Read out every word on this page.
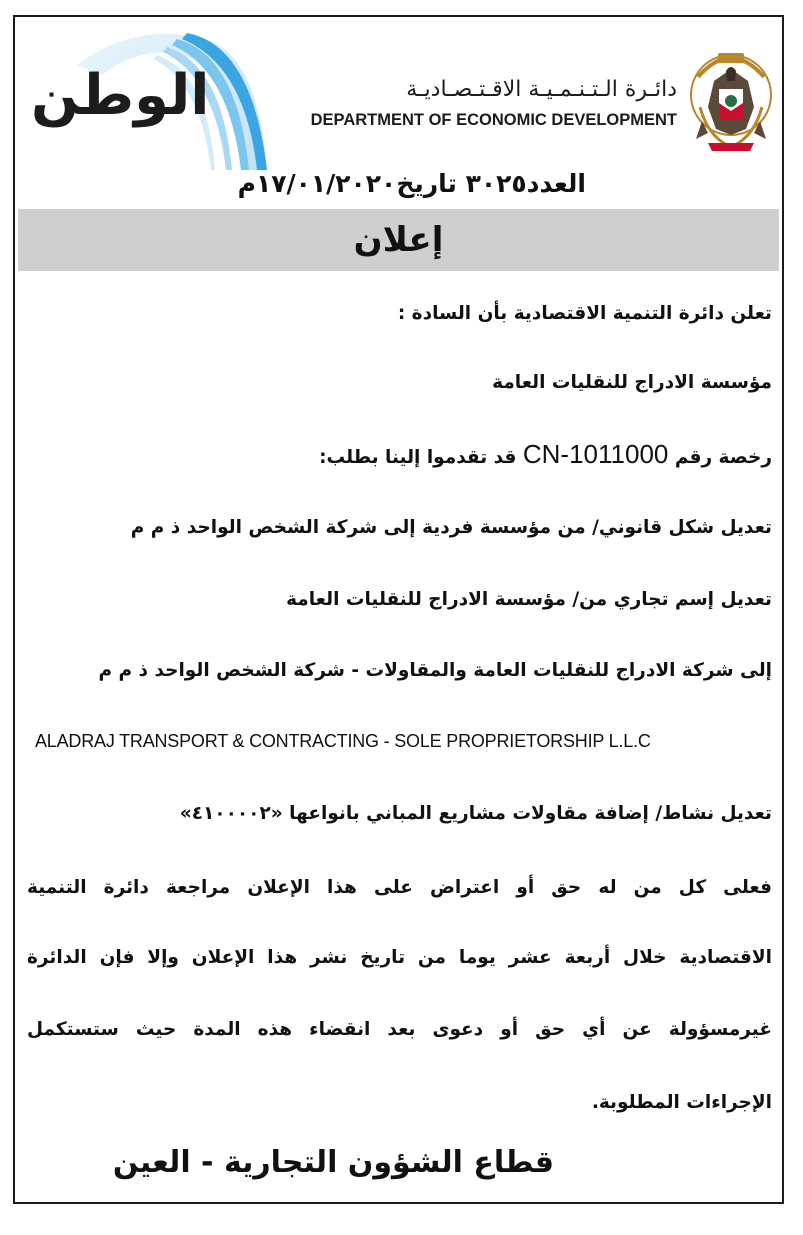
الوطن	دائـرة الـتـنـمـيـة الاقـتـصـاديـة
DEPARTMENT OF ECONOMIC DEVELOPMENT
العدد٣٠٢٥ تاريخ١٧/٠١/٢٠٢٠م
إعلان
تعلن دائرة التنمية الاقتصادية بأن السادة :
مؤسسة الادراج للنقليات العامة
رخصة رقم CN-1011000 قد تقدموا إلينا بطلب:
تعديل شكل قانوني/ من مؤسسة فردية إلى شركة الشخص الواحد ذ م م
تعديل إسم تجاري من/ مؤسسة الادراج للنقليات العامة
إلى شركة الادراج للنقليات العامة والمقاولات - شركة الشخص الواحد ذ م م
ALADRAJ TRANSPORT & CONTRACTING - SOLE PROPRIETORSHIP L.L.C
تعديل نشاط/ إضافة مقاولات مشاريع المباني بانواعها «٤١٠٠٠٠٢»
فعلى كل من له حق أو اعتراض على هذا الإعلان مراجعة دائرة التنمية
الاقتصادية خلال أربعة عشر يوما من تاريخ نشر هذا الإعلان وإلا فإن الدائرة
غيرمسؤولة عن أي حق أو دعوى بعد انقضاء هذه المدة حيث ستستكمل
الإجراءات المطلوبة.
قطاع الشؤون التجارية - العين
